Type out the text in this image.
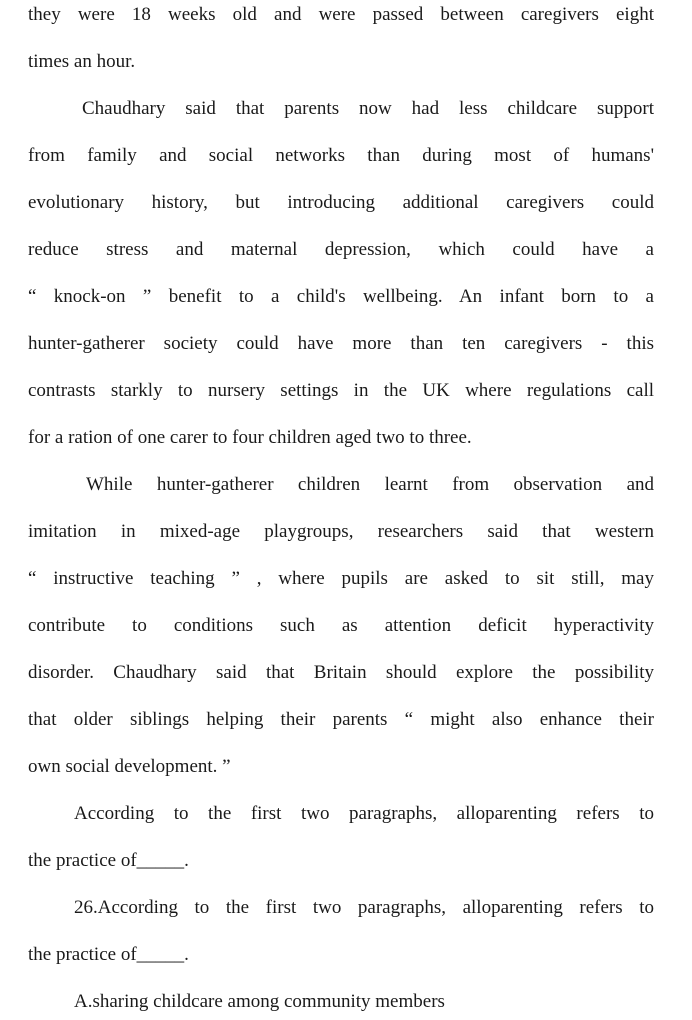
they were 18 weeks old and were passed between caregivers eight
times an hour.
Chaudhary said that parents now had less childcare support
from family and social networks than during most of humans'
evolutionary history, but introducing additional caregivers could
reduce stress and maternal depression, which could have a
“ knock-on ” benefit to a child's wellbeing. An infant born to a
hunter-gatherer society could have more than ten caregivers - this
contrasts starkly to nursery settings in the UK where regulations call
for a ration of one carer to four children aged two to three.
While hunter-gatherer children learnt from observation and
imitation in mixed-age playgroups, researchers said that western
“ instructive teaching ” , where pupils are asked to sit still, may
contribute to conditions such as attention deficit hyperactivity
disorder. Chaudhary said that Britain should explore the possibility
that older siblings helping their parents “ might also enhance their
own social development. ”
According to the first two paragraphs, alloparenting refers to
the practice of_____.
26.According to the first two paragraphs, alloparenting refers to
the practice of_____.
A.sharing childcare among community members
